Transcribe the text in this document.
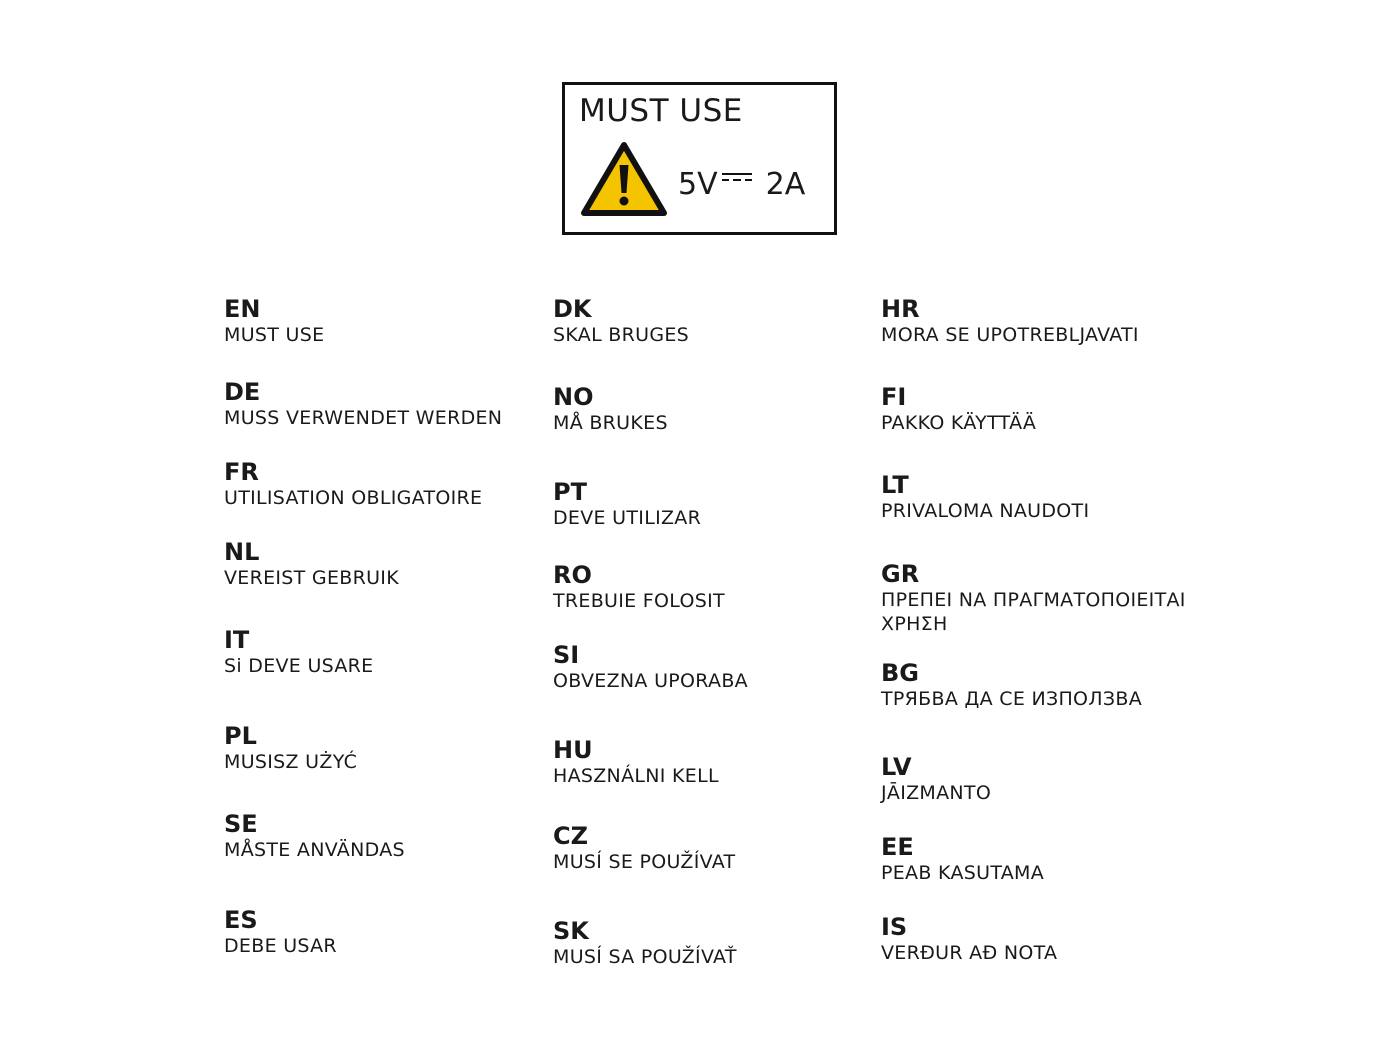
MUST USE
5V 2A
EN
MUST USE
DE
MUSS VERWENDET WERDEN
FR
UTILISATION OBLIGATOIRE
NL
VEREIST GEBRUIK
IT
Si DEVE USARE
PL
MUSISZ UŻYĆ
SE
MÅSTE ANVÄNDAS
ES
DEBE USAR
DK
SKAL BRUGES
NO
MÅ BRUKES
PT
DEVE UTILIZAR
RO
TREBUIE FOLOSIT
SI
OBVEZNA UPORABA
HU
HASZNÁLNI KELL
CZ
MUSÍ SE POUŽÍVAT
SK
MUSÍ SA POUŽÍVAŤ
HR
MORA SE UPOTREBLJAVATI
FI
PAKKO KÄYTTÄÄ
LT
PRIVALOMA NAUDOTI
GR
ΠΡΕΠΕΙ ΝΑ ΠΡΑΓΜΑΤΟΠΟΙΕΙΤΑΙ
ΧΡΗΣΗ
BG
ТРЯБВА ДА СЕ ИЗПОЛЗВА
LV
JĀIZMANTO
EE
PEAB KASUTAMA
IS
VERĐUR AÐ NOTA
